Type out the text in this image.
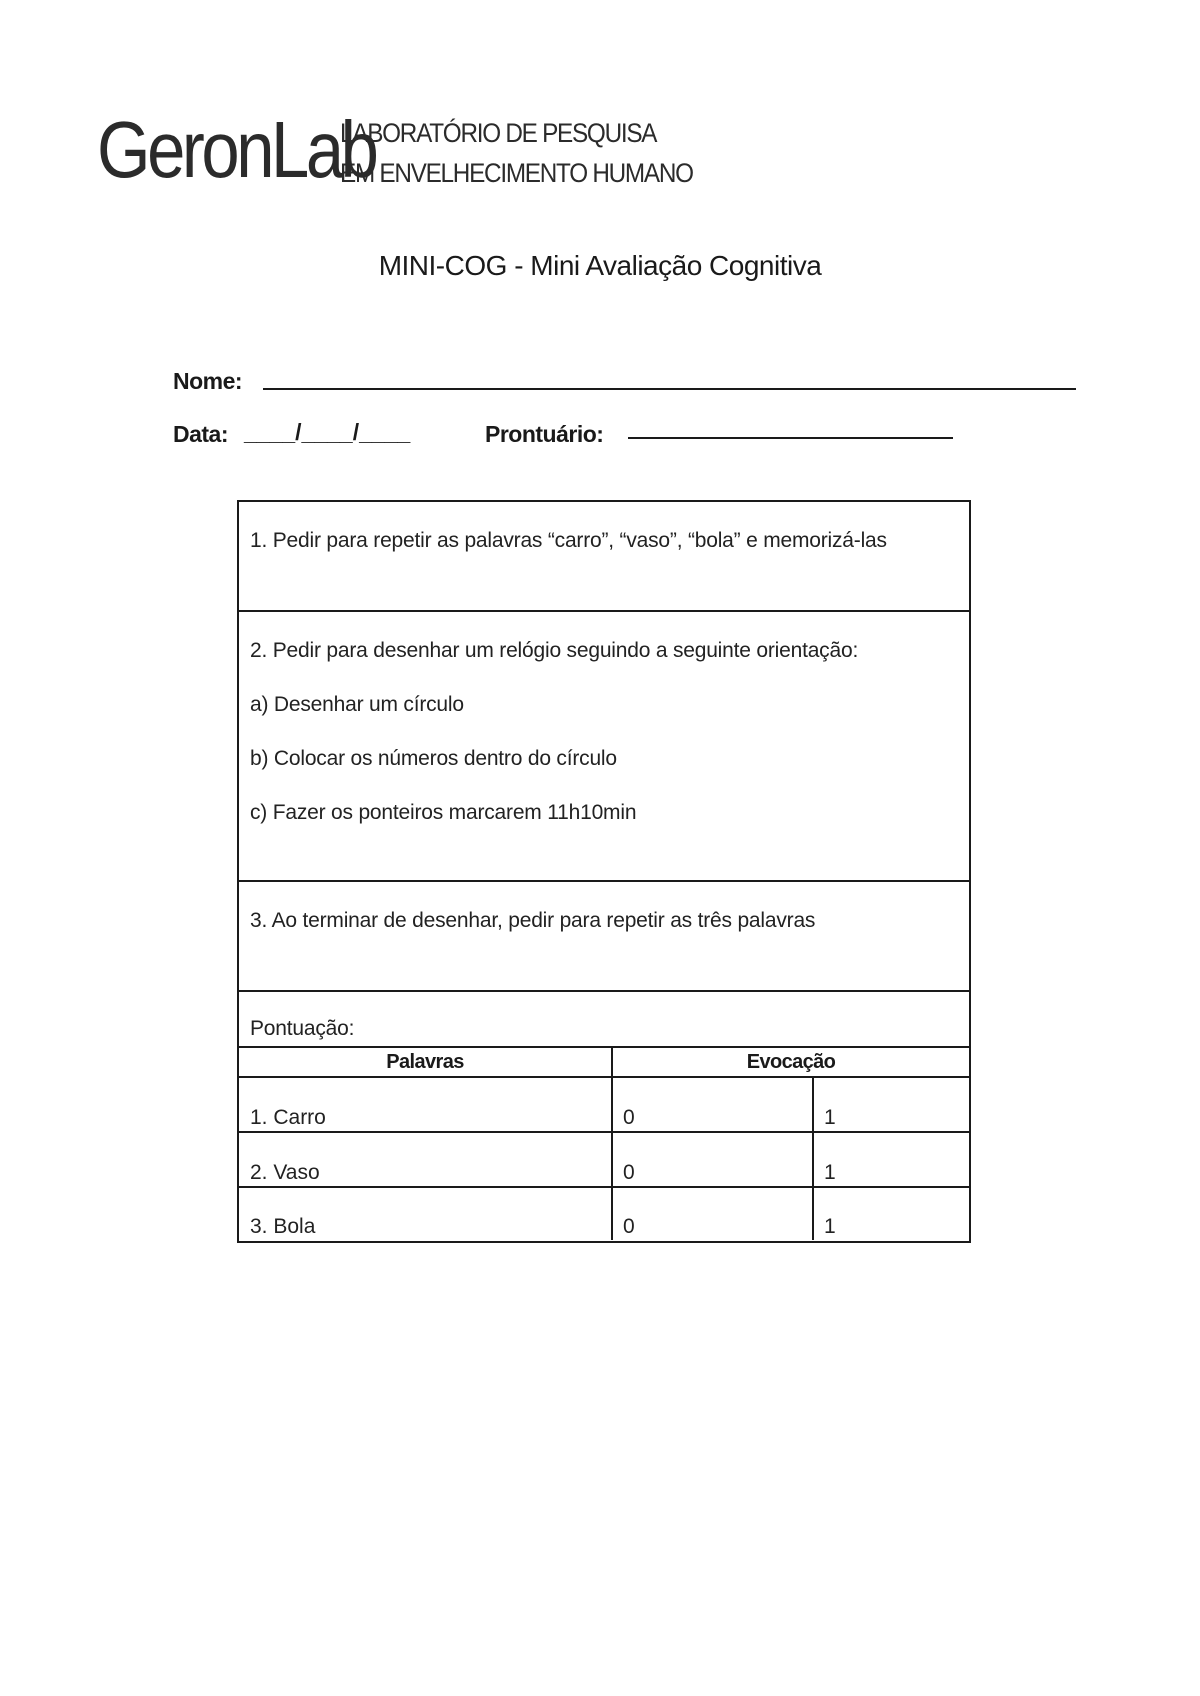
GeronLab
LABORATÓRIO DE PESQUISA
EM ENVELHECIMENTO HUMANO
MINI-COG - Mini Avaliação Cognitiva
Nome:
Data: ____/____/____	Prontuário:
1. Pedir para repetir as palavras “carro”, “vaso”, “bola” e memorizá-las
2. Pedir para desenhar um relógio seguindo a seguinte orientação:
a) Desenhar um círculo
b) Colocar os números dentro do círculo
c) Fazer os ponteiros marcarem 11h10min
3. Ao terminar de desenhar, pedir para repetir as três palavras
Pontuação:
Palavras	Evocação
1. Carro	0	1
2. Vaso	0	1
3. Bola	0	1
